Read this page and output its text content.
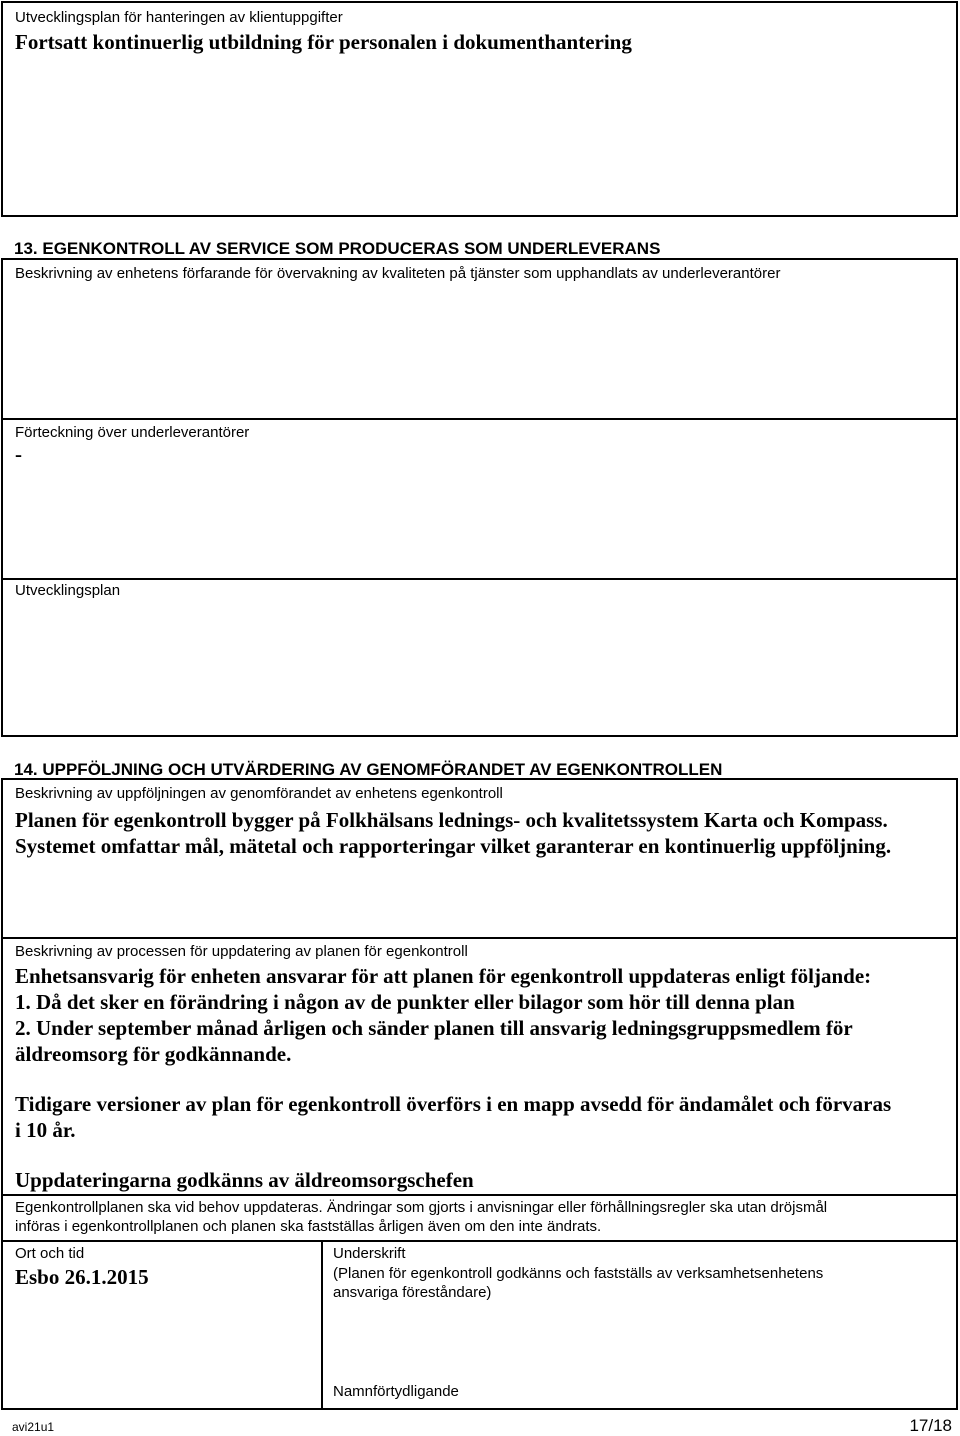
Utvecklingsplan för hanteringen av klientuppgifter
Fortsatt kontinuerlig utbildning för personalen i dokumenthantering
13. EGENKONTROLL AV SERVICE SOM PRODUCERAS SOM UNDERLEVERANS
Beskrivning av enhetens förfarande för övervakning av kvaliteten på tjänster som upphandlats av underleverantörer
Förteckning över underleverantörer
-
Utvecklingsplan
14. UPPFÖLJNING OCH UTVÄRDERING AV GENOMFÖRANDET AV EGENKONTROLLEN
Beskrivning av uppföljningen av genomförandet av enhetens egenkontroll
Planen för egenkontroll bygger på Folkhälsans lednings- och kvalitetssystem Karta och Kompass.
Systemet omfattar mål, mätetal och rapporteringar vilket garanterar en kontinuerlig uppföljning.
Beskrivning av processen för uppdatering av planen för egenkontroll
Enhetsansvarig för enheten ansvarar för att planen för egenkontroll uppdateras enligt följande:
1. Då det sker en förändring i någon av de punkter eller bilagor som hör till denna plan
2. Under september månad årligen och sänder planen till ansvarig ledningsgruppsmedlem för
äldreomsorg för godkännande.
Tidigare versioner av plan för egenkontroll överförs i en mapp avsedd för ändamålet och förvaras
i 10 år.
Uppdateringarna godkänns av äldreomsorgschefen
Egenkontrollplanen ska vid behov uppdateras. Ändringar som gjorts i anvisningar eller förhållningsregler ska utan dröjsmål
införas i egenkontrollplanen och planen ska fastställas årligen även om den inte ändrats.
Ort och tid
Esbo 26.1.2015
Underskrift
(Planen för egenkontroll godkänns och fastställs av verksamhetsenhetens
ansvariga föreståndare)
Namnförtydligande
avi21u1	17/18
